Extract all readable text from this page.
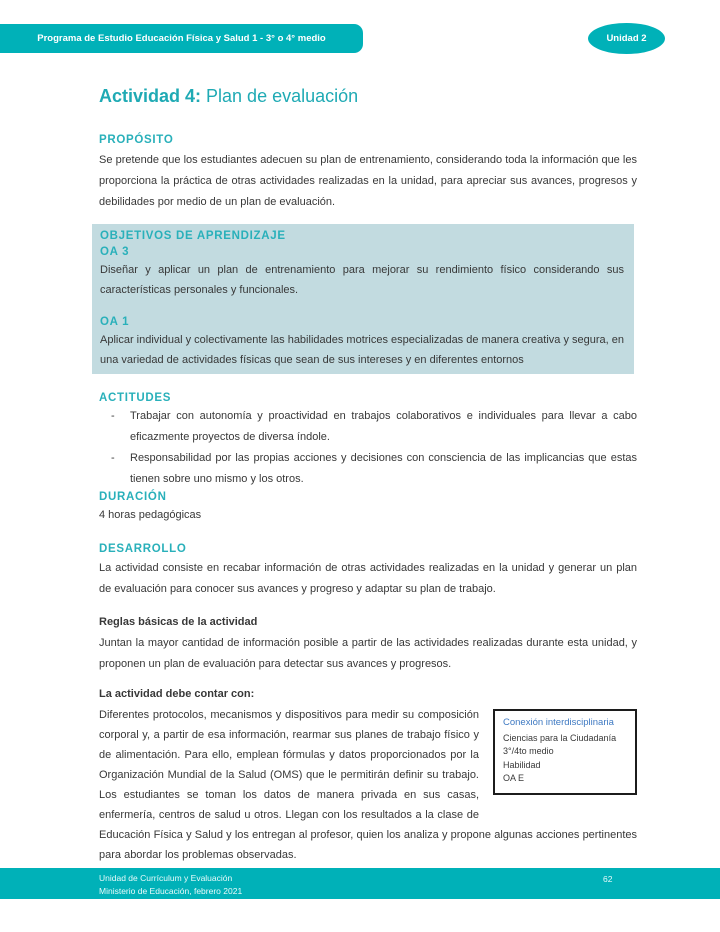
Programa de Estudio Educación Física y Salud 1 - 3° o 4° medio	Unidad 2
Actividad 4: Plan de evaluación
PROPÓSITO
Se pretende que los estudiantes adecuen su plan de entrenamiento, considerando toda la información que les proporciona la práctica de otras actividades realizadas en la unidad, para apreciar sus avances, progresos y debilidades por medio de un plan de evaluación.
OBJETIVOS DE APRENDIZAJE
OA 3
Diseñar y aplicar un plan de entrenamiento para mejorar su rendimiento físico considerando sus características personales y funcionales.
OA 1
Aplicar individual y colectivamente las habilidades motrices especializadas de manera creativa y segura, en una variedad de actividades físicas que sean de sus intereses y en diferentes entornos
ACTITUDES
-	Trabajar con autonomía y proactividad en trabajos colaborativos e individuales para llevar a cabo eficazmente proyectos de diversa índole.
-	Responsabilidad por las propias acciones y decisiones con consciencia de las implicancias que estas tienen sobre uno mismo y los otros.
DURACIÓN
4 horas pedagógicas
DESARROLLO
La actividad consiste en recabar información de otras actividades realizadas en la unidad y generar un plan de evaluación para conocer sus avances y progreso y adaptar su plan de trabajo.
Reglas básicas de la actividad
Juntan la mayor cantidad de información posible a partir de las actividades realizadas durante esta unidad, y proponen un plan de evaluación para detectar sus avances y progresos.
La actividad debe contar con:
Conexión interdisciplinaria
Ciencias para la Ciudadanía
3°/4to medio
Habilidad
OA E
Diferentes protocolos, mecanismos y dispositivos para medir su composición corporal y, a partir de esa información, rearmar sus planes de trabajo físico y de alimentación. Para ello, emplean fórmulas y datos proporcionados por la Organización Mundial de la Salud (OMS) que le permitirán definir su trabajo. Los estudiantes se toman los datos de manera privada en sus casas, enfermería, centros de salud u otros. Llegan con los resultados a la clase de Educación Física y Salud y los entregan al profesor, quien los analiza y propone algunas acciones pertinentes para abordar los problemas observadas.
Unidad de Currículum y Evaluación
Ministerio de Educación, febrero 2021
62
